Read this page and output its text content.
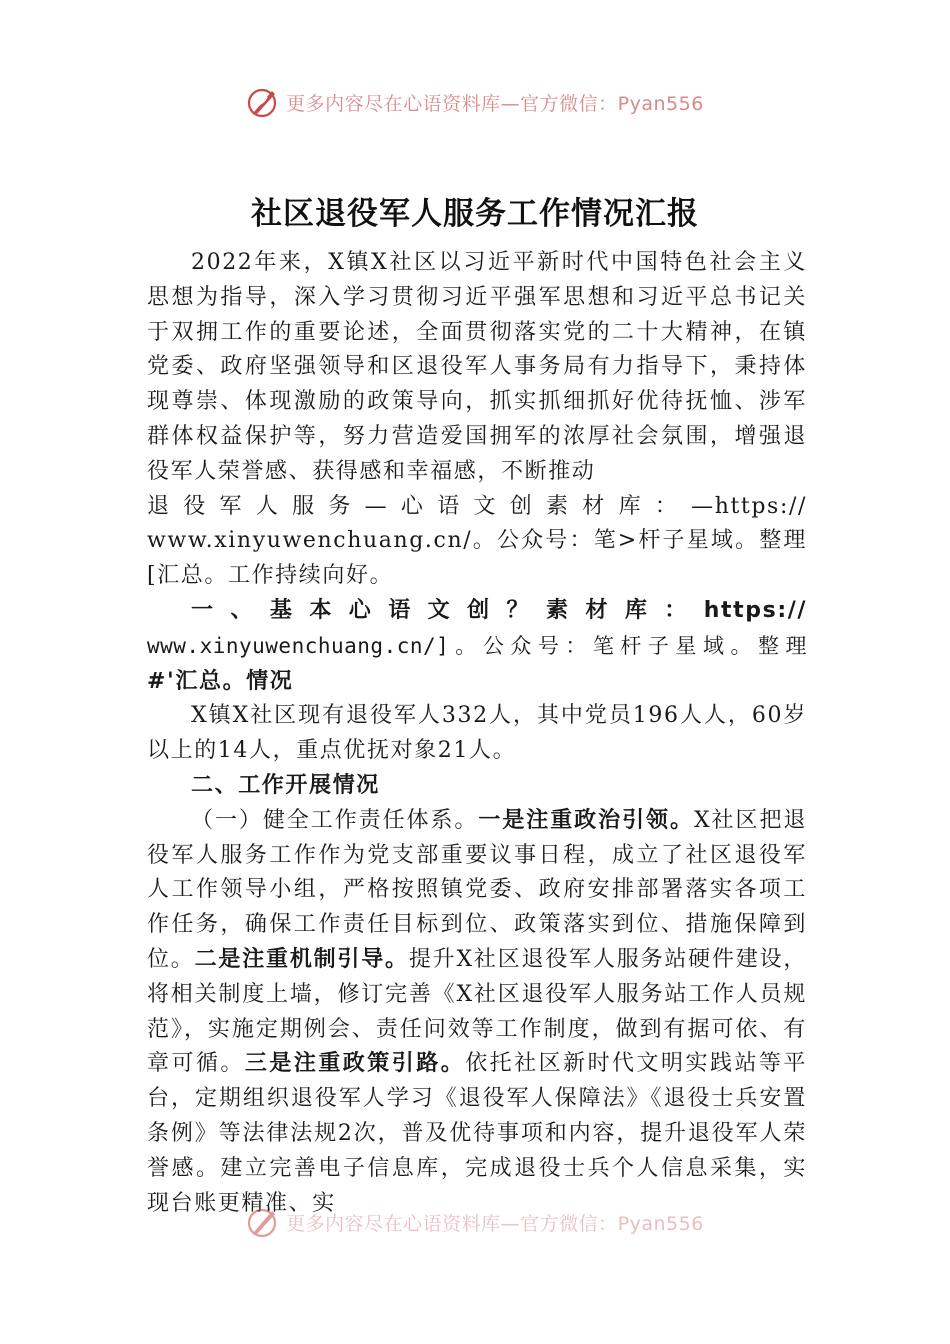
更多内容尽在心语资料库—官方微信：Pyan556
社区退役军人服务工作情况汇报

2022年来，X镇X社区以习近平新时代中国特色社会主义思想为指导，深入学习贯彻习近平强军思想和习近平总书记关于双拥工作的重要论述，全面贯彻落实党的二十大精神，在镇党委、政府坚强领导和区退役军人事务局有力指导下，秉持体现尊崇、体现激励的政策导向，抓实抓细抓好优待抚恤、涉军群体权益保护等，努力营造爱国拥军的浓厚社会氛围，增强退役军人荣誉感、获得感和幸福感，不断推动

退役军人服务—心语文创素材库：—https://

www.xinyuwenchuang.cn/。公众号：笔>杆子星域。整理[汇总。工作持续向好。

一、基本心语文创？素材库：https://

www.xinyuwenchuang.cn/]。公众号：笔杆子星域。整理

#'汇总。情况

X镇X社区现有退役军人332人，其中党员196人人，60岁以上的14人，重点优抚对象21人。

二、工作开展情况

（一）健全工作责任体系。一是注重政治引领。X社区把退役军人服务工作作为党支部重要议事日程，成立了社区退役军人工作领导小组，严格按照镇党委、政府安排部署落实各项工作任务，确保工作责任目标到位、政策落实到位、措施保障到位。二是注重机制引导。提升X社区退役军人服务站硬件建设，将相关制度上墙，修订完善《X社区退役军人服务站工作人员规范》，实施定期例会、责任问效等工作制度，做到有据可依、有章可循。三是注重政策引路。依托社区新时代文明实践站等平台，定期组织退役军人学习《退役军人保障法》《退役士兵安置条例》等法律法规2次，普及优待事项和内容，提升退役军人荣誉感。建立完善电子信息库，完成退役士兵个人信息采集，实现台账更精准、实

更多内容尽在心语资料库—官方微信：Pyan556
